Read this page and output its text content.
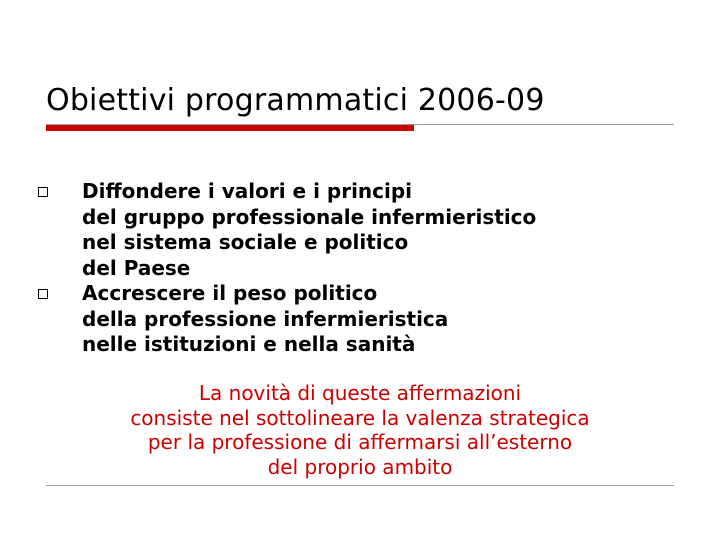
Obiettivi programmatici 2006-09
Diffondere i valori e i principi
del gruppo professionale infermieristico
nel sistema sociale e politico
del Paese
Accrescere il peso politico
della professione infermieristica
nelle istituzioni e nella sanità
La novità di queste affermazioni
consiste nel sottolineare la valenza strategica
per la professione di affermarsi all’esterno
del proprio ambito
